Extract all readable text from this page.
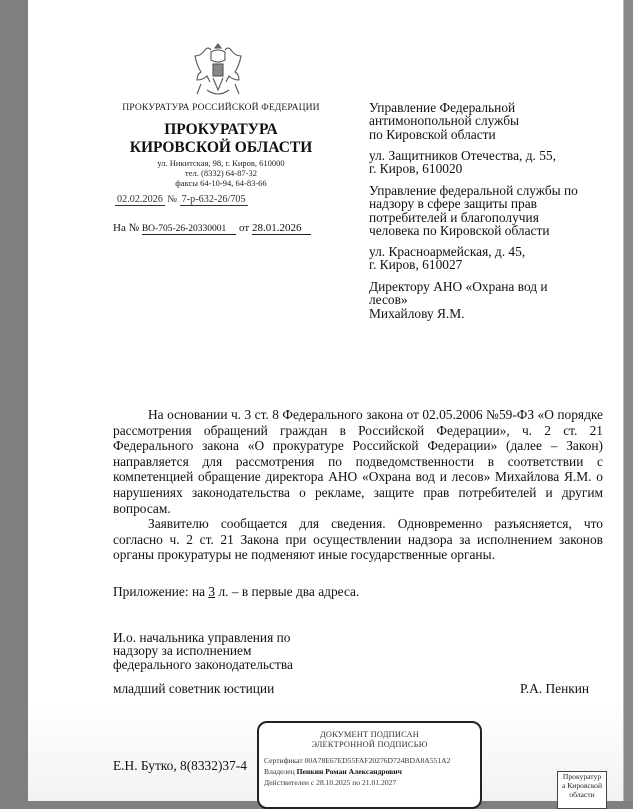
ПРОКУРАТУРА РОССИЙСКОЙ ФЕДЕРАЦИИ
ПРОКУРАТУРА
КИРОВСКОЙ ОБЛАСТИ
ул. Никитская, 98, г. Киров, 610000
тел. (8332) 64-87-32
факсы 64-10-94, 64-83-66
02.02.2026 № 7-р-632-26/705
На № ВО-705-26-20330001 от 28.01.2026
Управление Федеральной
антимонопольной службы
по Кировской области
ул. Защитников Отечества, д. 55,
г. Киров, 610020
Управление федеральной службы по
надзору в сфере защиты прав
потребителей и благополучия
человека по Кировской области
ул. Красноармейская, д. 45,
г. Киров, 610027
Директору АНО «Охрана вод и
лесов»
Михайлову Я.М.

На основании ч. 3 ст. 8 Федерального закона от 02.05.2006 №59-ФЗ «О порядке рассмотрения обращений граждан в Российской Федерации», ч. 2 ст. 21 Федерального закона «О прокуратуре Российской Федерации» (далее – Закон) направляется для рассмотрения по подведомственности в соответствии с компетенцией обращение директора АНО «Охрана вод и лесов» Михайлова Я.М. о нарушениях законодательства о рекламе, защите прав потребителей и другим вопросам.

Заявителю сообщается для сведения. Одновременно разъясняется, что согласно ч. 2 ст. 21 Закона при осуществлении надзора за исполнением законов органы прокуратуры не подменяют иные государственные органы.

Приложение: на 3 л. – в первые два адреса.
И.о. начальника управления по
надзору за исполнением
федерального законодательства
младший советник юстиции	Р.А. Пенкин
Е.Н. Бутко, 8(8332)37-4
ДОКУМЕНТ ПОДПИСАН
ЭЛЕКТРОННОЙ ПОДПИСЬЮ
Сертификат 00A78E67ED55FAF20276D724BDA8A551A2
Владелец Пенкин Роман Александрович
Действителен с 28.10.2025 по 21.01.2027
Прокуратур
а Кировской
области
